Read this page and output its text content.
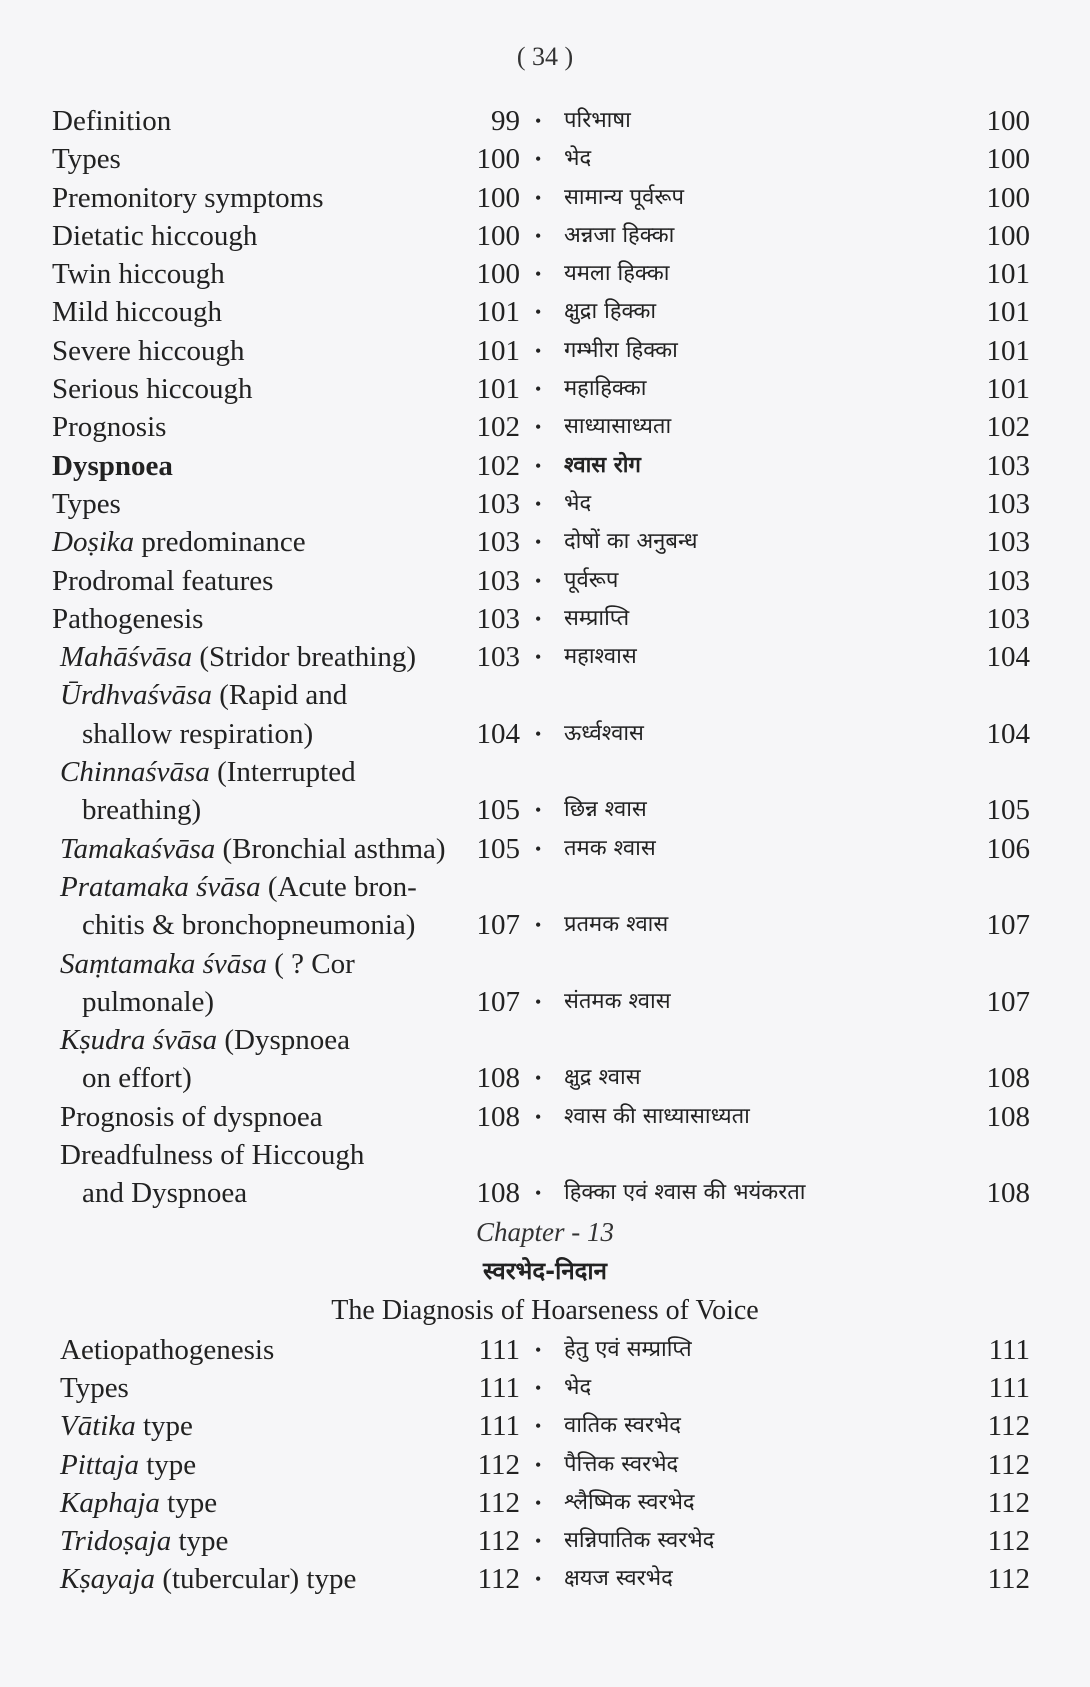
( 34 )
Definition	99 • परिभाषा	100
Types	100 • भेद	100
Premonitory symptoms	100 • सामान्य पूर्वरूप	100
Dietatic hiccough	100 • अन्नजा हिक्का	100
Twin hiccough	100 • यमला हिक्का	101
Mild hiccough	101 • क्षुद्रा हिक्का	101
Severe hiccough	101 • गम्भीरा हिक्का	101
Serious hiccough	101 • महाहिक्का	101
Prognosis	102 • साध्यासाध्यता	102
Dyspnoea	102 • श्वास रोग	103
Types	103 • भेद	103
Doṣika predominance	103 • दोषों का अनुबन्ध	103
Prodromal features	103 • पूर्वरूप	103
Pathogenesis	103 • सम्प्राप्ति	103
Mahāśvāsa (Stridor breathing)	103 • महाश्वास	104
Ūrdhvaśvāsa (Rapid and
shallow respiration)	104 • ऊर्ध्वश्वास	104
Chinnaśvāsa (Interrupted
breathing)	105 • छिन्न श्वास	105
Tamakaśvāsa (Bronchial asthma)	105 • तमक श्वास	106
Pratamaka śvāsa (Acute bron-
chitis & bronchopneumonia)	107 • प्रतमक श्वास	107
Saṃtamaka śvāsa ( ? Cor
pulmonale)	107 • संतमक श्वास	107
Kṣudra śvāsa (Dyspnoea
on effort)	108 • क्षुद्र श्वास	108
Prognosis of dyspnoea	108 • श्वास की साध्यासाध्यता	108
Dreadfulness of Hiccough
and Dyspnoea	108 • हिक्का एवं श्वास की भयंकरता	108
Chapter - 13
स्वरभेद-निदान
The Diagnosis of Hoarseness of Voice
Aetiopathogenesis	111 • हेतु एवं सम्प्राप्ति	111
Types	111 • भेद	111
Vātika type	111 • वातिक स्वरभेद	112
Pittaja type	112 • पैत्तिक स्वरभेद	112
Kaphaja type	112 • श्लैष्मिक स्वरभेद	112
Tridoṣaja type	112 • सन्निपातिक स्वरभेद	112
Kṣayaja (tubercular) type	112 • क्षयज स्वरभेद	112
